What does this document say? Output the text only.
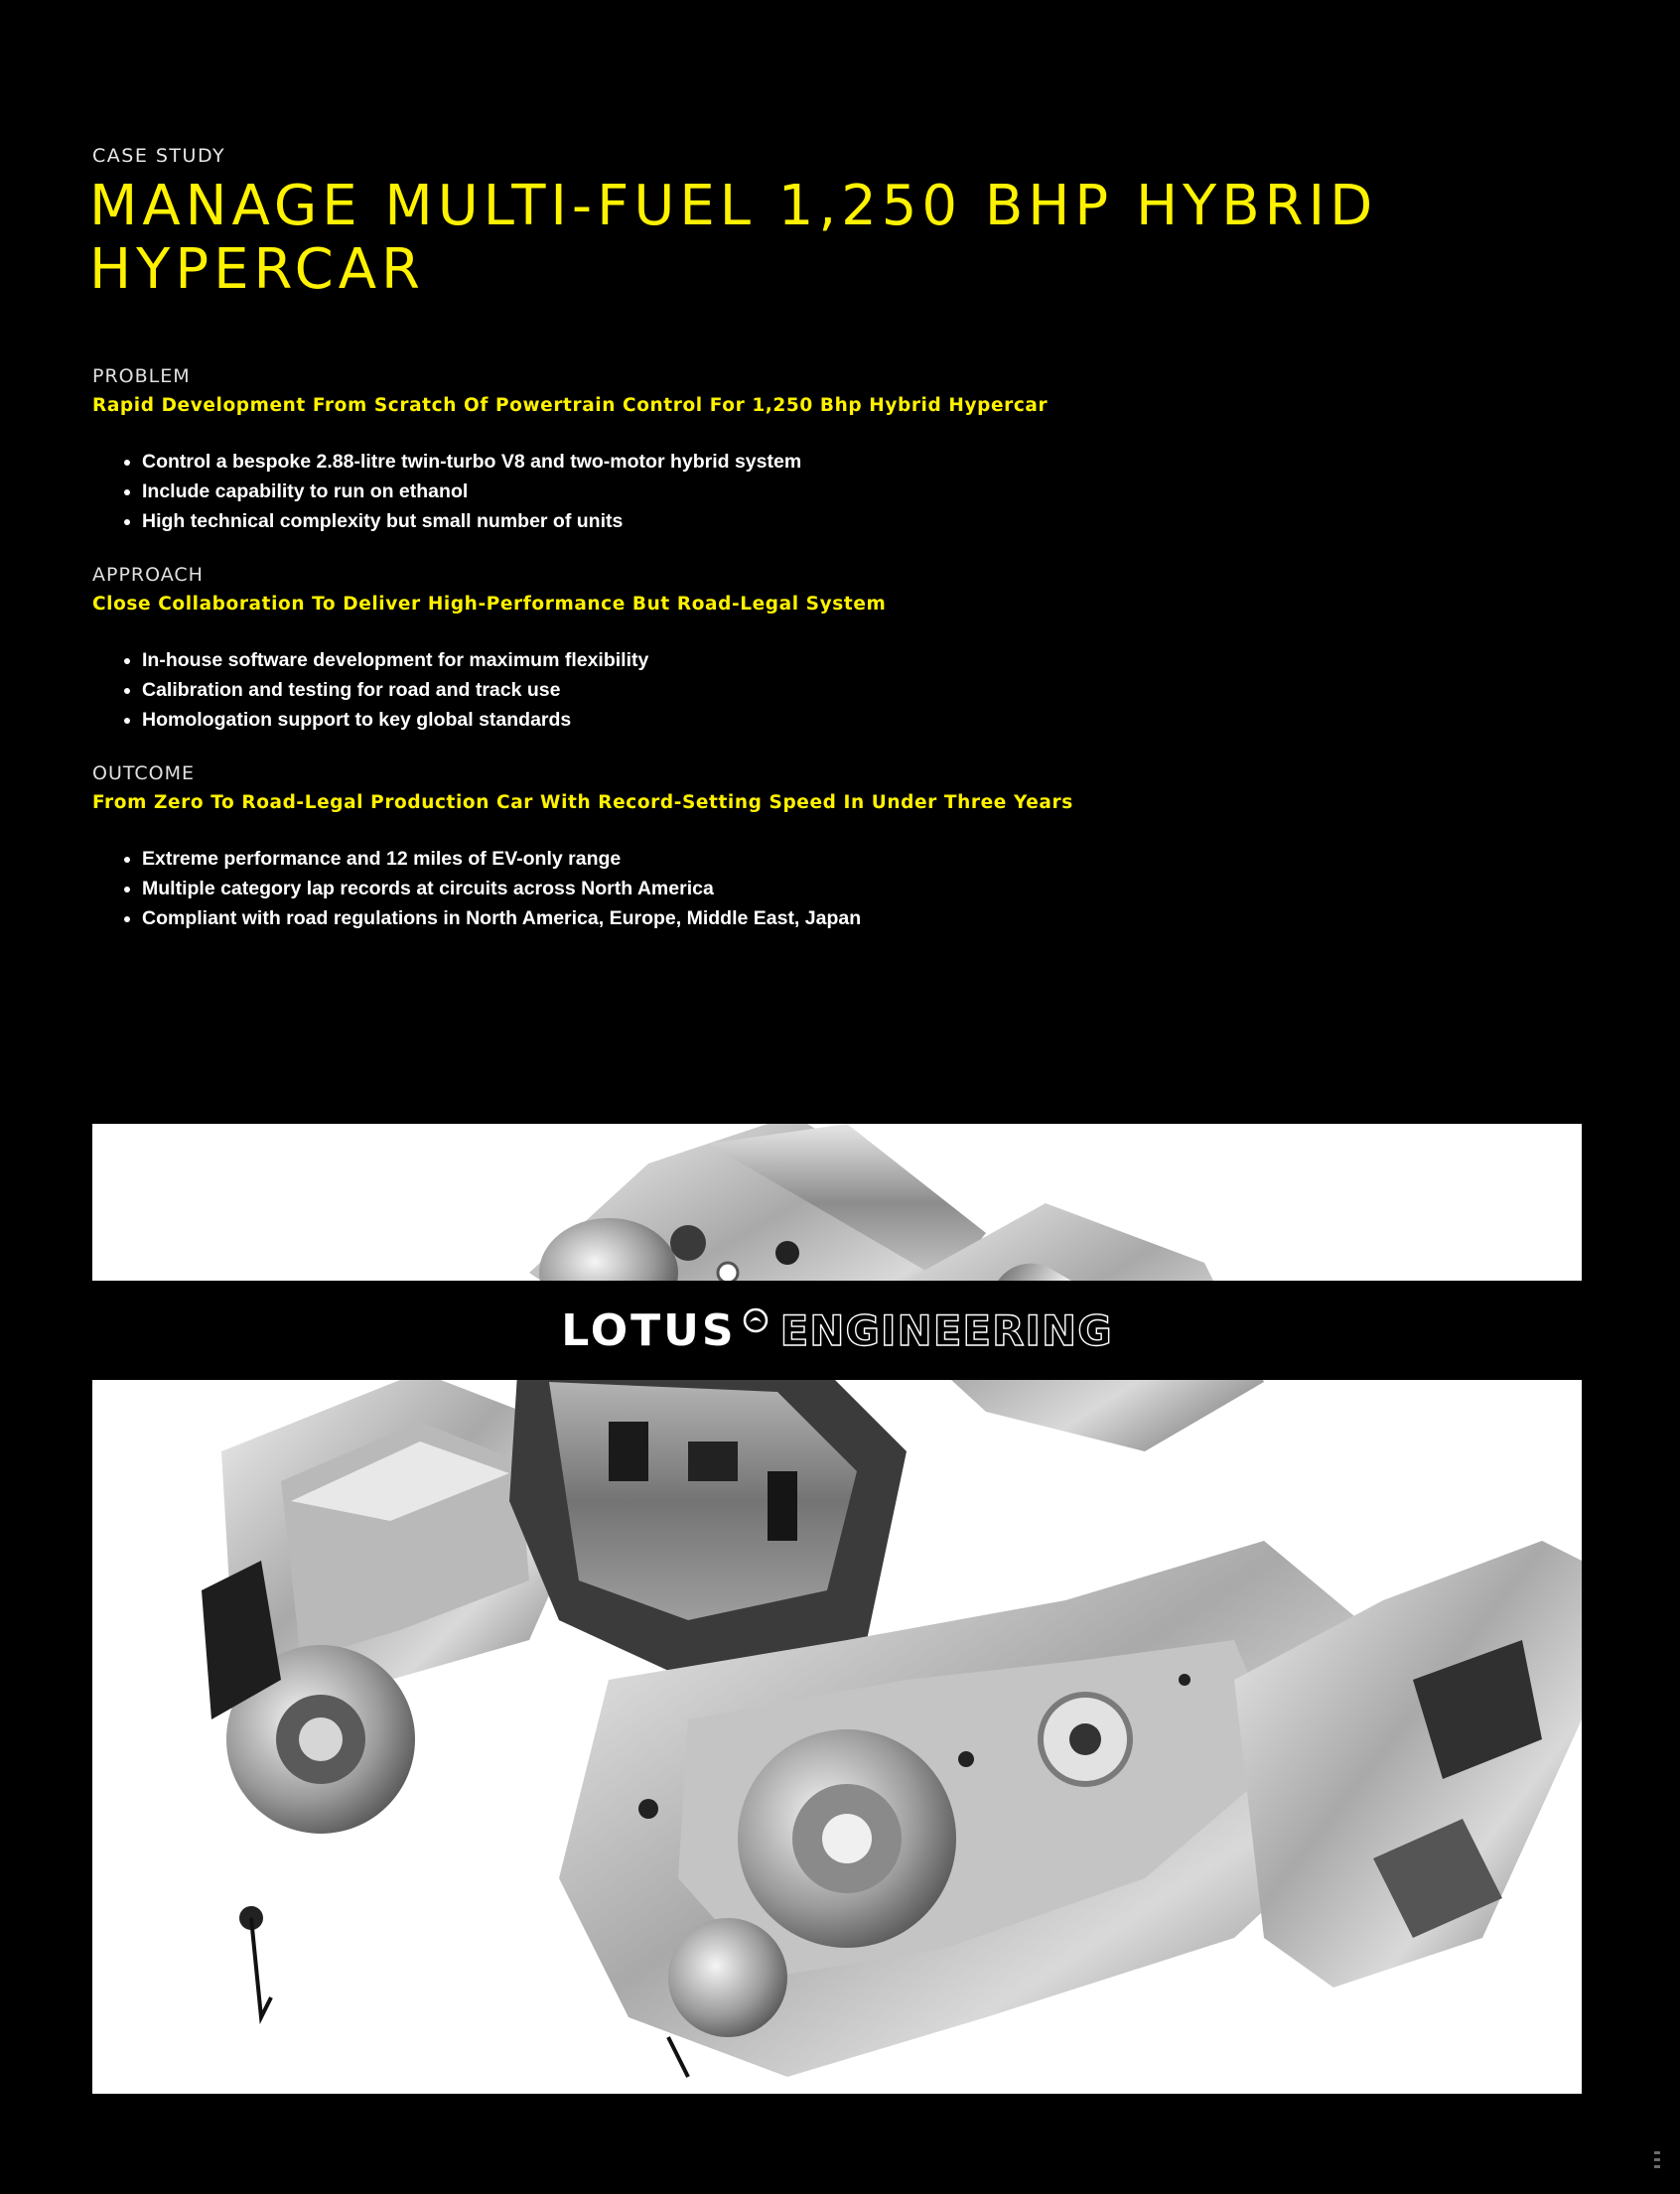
CASE STUDY
MANAGE MULTI-FUEL 1,250 BHP HYBRID HYPERCAR
PROBLEM
Rapid Development From Scratch Of Powertrain Control For 1,250 Bhp Hybrid Hypercar
Control a bespoke 2.88-litre twin-turbo V8 and two-motor hybrid system
Include capability to run on ethanol
High technical complexity but small number of units
APPROACH
Close Collaboration To Deliver High-Performance But Road-Legal System
In-house software development for maximum flexibility
Calibration and testing for road and track use
Homologation support to key global standards
OUTCOME
From Zero To Road-Legal Production Car With Record-Setting Speed In Under Three Years
Extreme performance and 12 miles of EV-only range
Multiple category lap records at circuits across North America
Compliant with road regulations in North America, Europe, Middle East, Japan
LOTUS ENGINEERING
